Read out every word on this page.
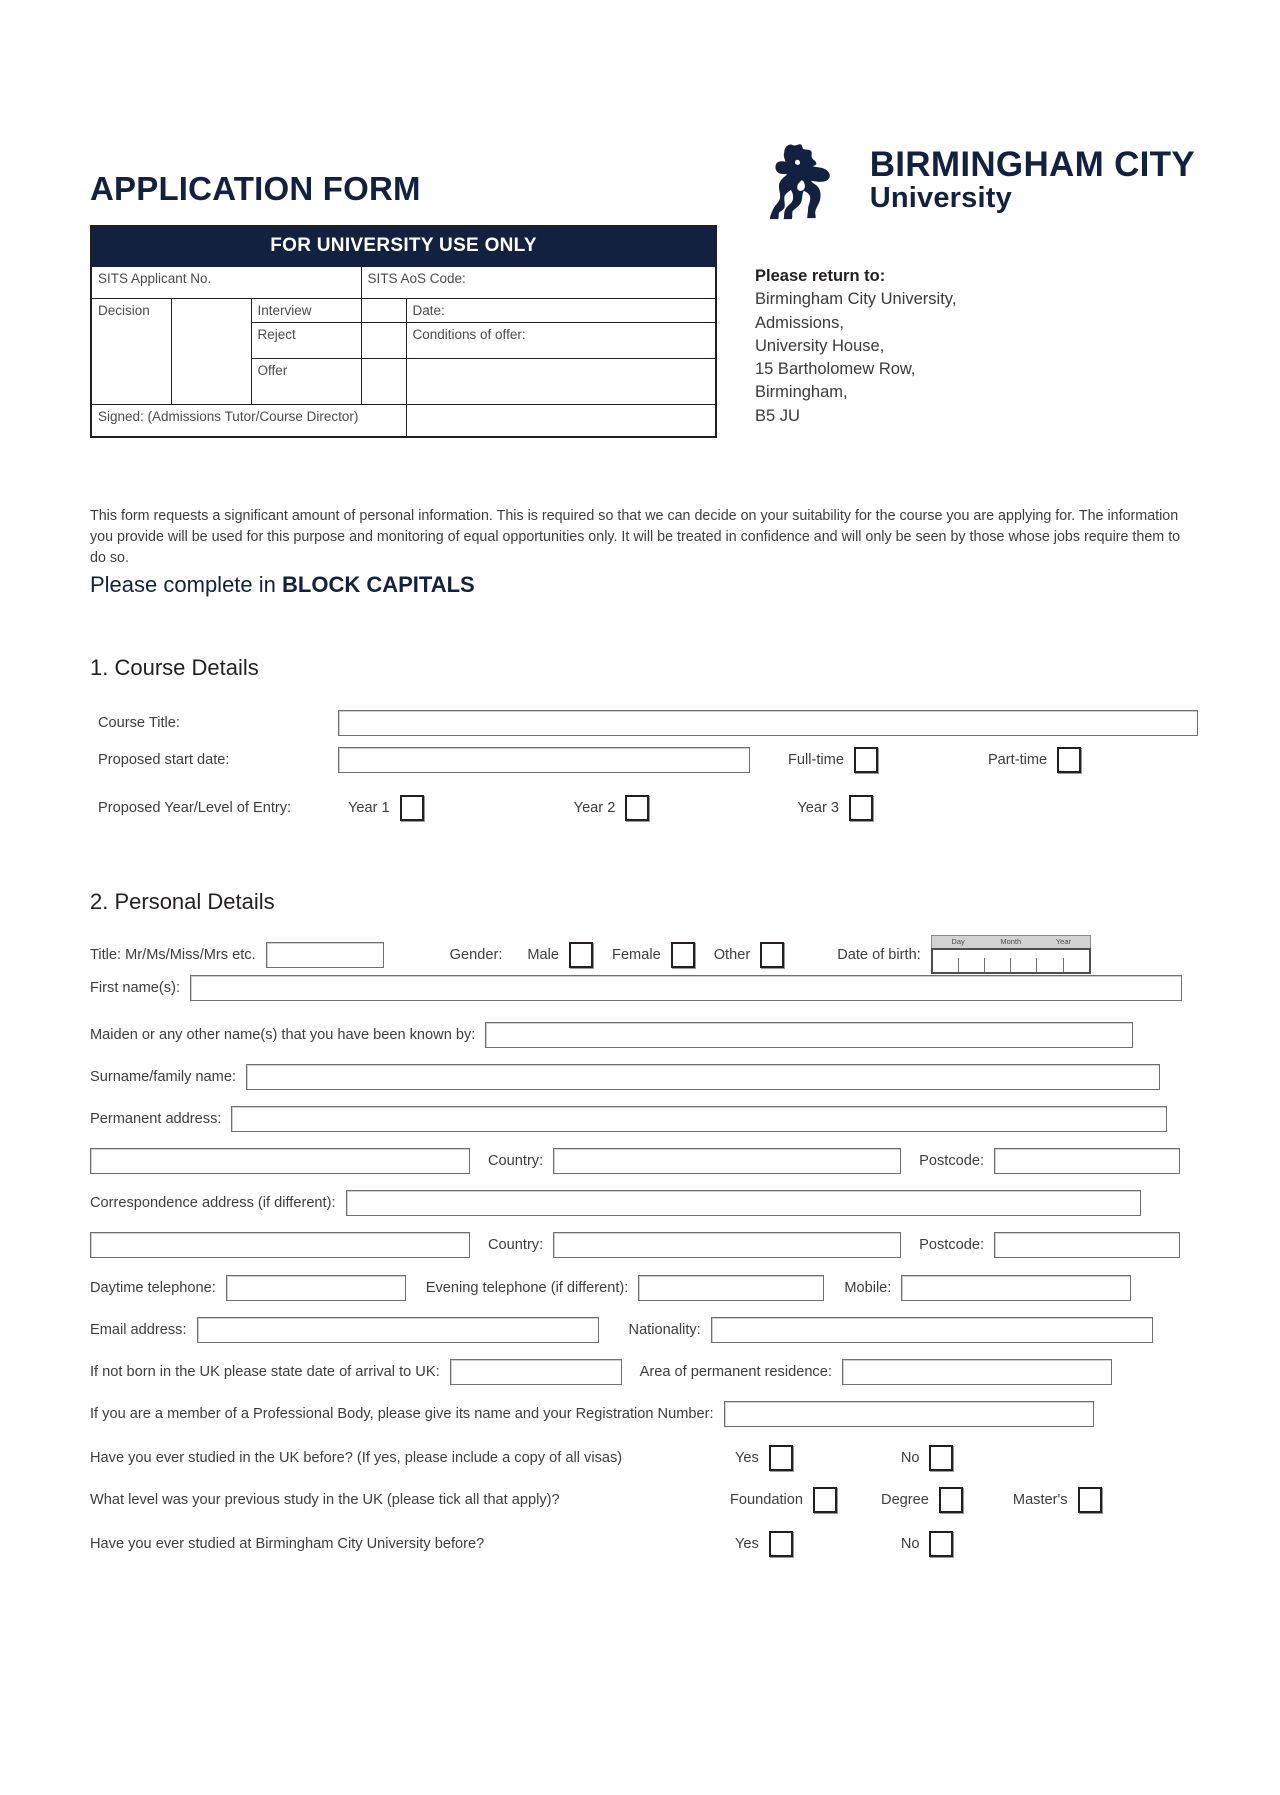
APPLICATION FORM
BIRMINGHAM CITY
University
FOR UNIVERSITY USE ONLY				
SITS Applicant No.			SITS AoS Code:	
Decision		Interview		Date:
		Reject		Conditions of offer:
		Offer		
Signed: (Admissions Tutor/Course Director)				
Please return to:
Birmingham City University,
Admissions,
University House,
15 Bartholomew Row,
Birmingham,
B5 JU

This form requests a significant amount of personal information. This is required so that we can decide on your suitability for the course you are applying for. The information you provide will be used for this purpose and monitoring of equal opportunities only. It will be treated in confidence and will only be seen by those whose jobs require them to do so.

Please complete in BLOCK CAPITALS
1. Course Details
Course Title:
Proposed start date:	Full-time	Part-time
Proposed Year/Level of Entry:	Year 1	Year 2	Year 3
2. Personal Details
Title: Mr/Ms/Miss/Mrs etc.	Gender: Male	Female	Other	Date of birth:
Day	Month	Year
First name(s):
Maiden or any other name(s) that you have been known by:
Surname/family name:
Permanent address:
Country:	Postcode:
Correspondence address (if different):
Country:	Postcode:
Daytime telephone:	Evening telephone (if different):	Mobile:
Email address:	Nationality:
If not born in the UK please state date of arrival to UK:	Area of permanent residence:
If you are a member of a Professional Body, please give its name and your Registration Number:
Have you ever studied in the UK before? (If yes, please include a copy of all visas)	Yes	No
What level was your previous study in the UK (please tick all that apply)?	Foundation	Degree	Master's
Have you ever studied at Birmingham City University before?	Yes	No
